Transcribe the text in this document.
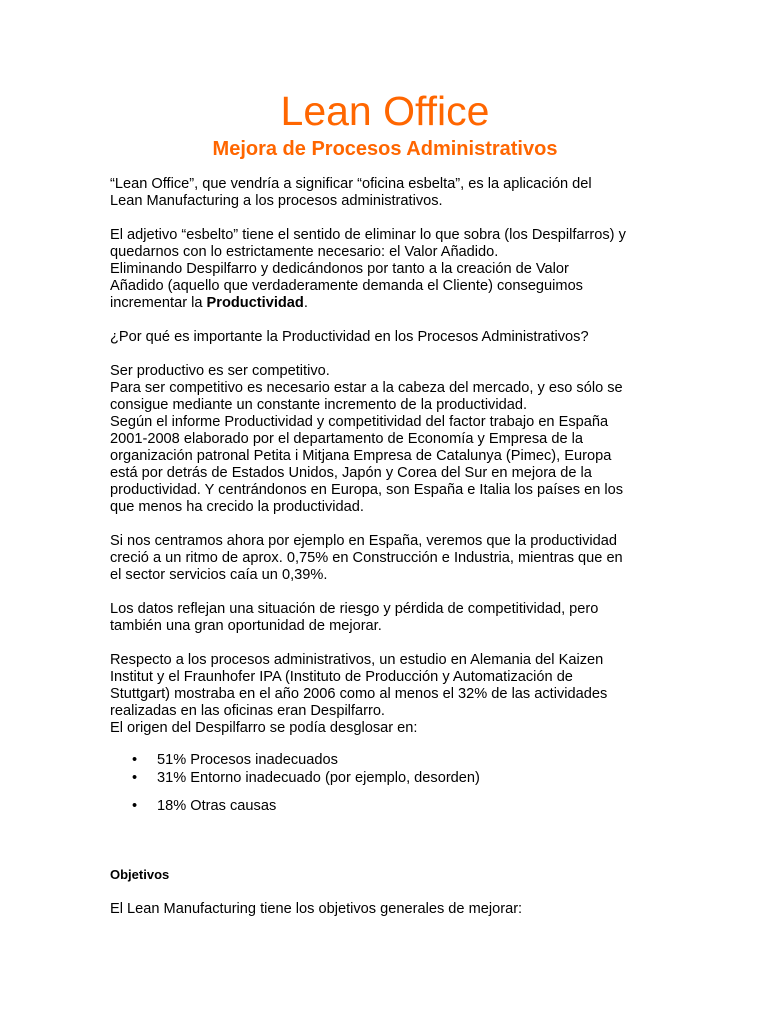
Lean Office
Mejora de Procesos Administrativos

“Lean Office”, que vendría a significar “oficina esbelta”, es la aplicación del
Lean Manufacturing a los procesos administrativos.

El adjetivo “esbelto” tiene el sentido de eliminar lo que sobra (los Despilfarros) y
quedarnos con lo estrictamente necesario: el Valor Añadido.
Eliminando Despilfarro y dedicándonos por tanto a la creación de Valor
Añadido (aquello que verdaderamente demanda el Cliente) conseguimos
incrementar la Productividad.

¿Por qué es importante la Productividad en los Procesos Administrativos?

Ser productivo es ser competitivo.
Para ser competitivo es necesario estar a la cabeza del mercado, y eso sólo se
consigue mediante un constante incremento de la productividad.
Según el informe Productividad y competitividad del factor trabajo en España
2001-2008 elaborado por el departamento de Economía y Empresa de la
organización patronal Petita i Mitjana Empresa de Catalunya (Pimec), Europa
está por detrás de Estados Unidos, Japón y Corea del Sur en mejora de la
productividad. Y centrándonos en Europa, son España e Italia los países en los
que menos ha crecido la productividad.

Si nos centramos ahora por ejemplo en España, veremos que la productividad
creció a un ritmo de aprox. 0,75% en Construcción e Industria, mientras que en
el sector servicios caía un 0,39%.

Los datos reflejan una situación de riesgo y pérdida de competitividad, pero
también una gran oportunidad de mejorar.

Respecto a los procesos administrativos, un estudio en Alemania del Kaizen
Institut y el Fraunhofer IPA (Instituto de Producción y Automatización de
Stuttgart) mostraba en el año 2006 como al menos el 32% de las actividades
realizadas en las oficinas eran Despilfarro.
El origen del Despilfarro se podía desglosar en:

• 51% Procesos inadecuados
• 31% Entorno inadecuado (por ejemplo, desorden)
• 18% Otras causas

Objetivos

El Lean Manufacturing tiene los objetivos generales de mejorar:
